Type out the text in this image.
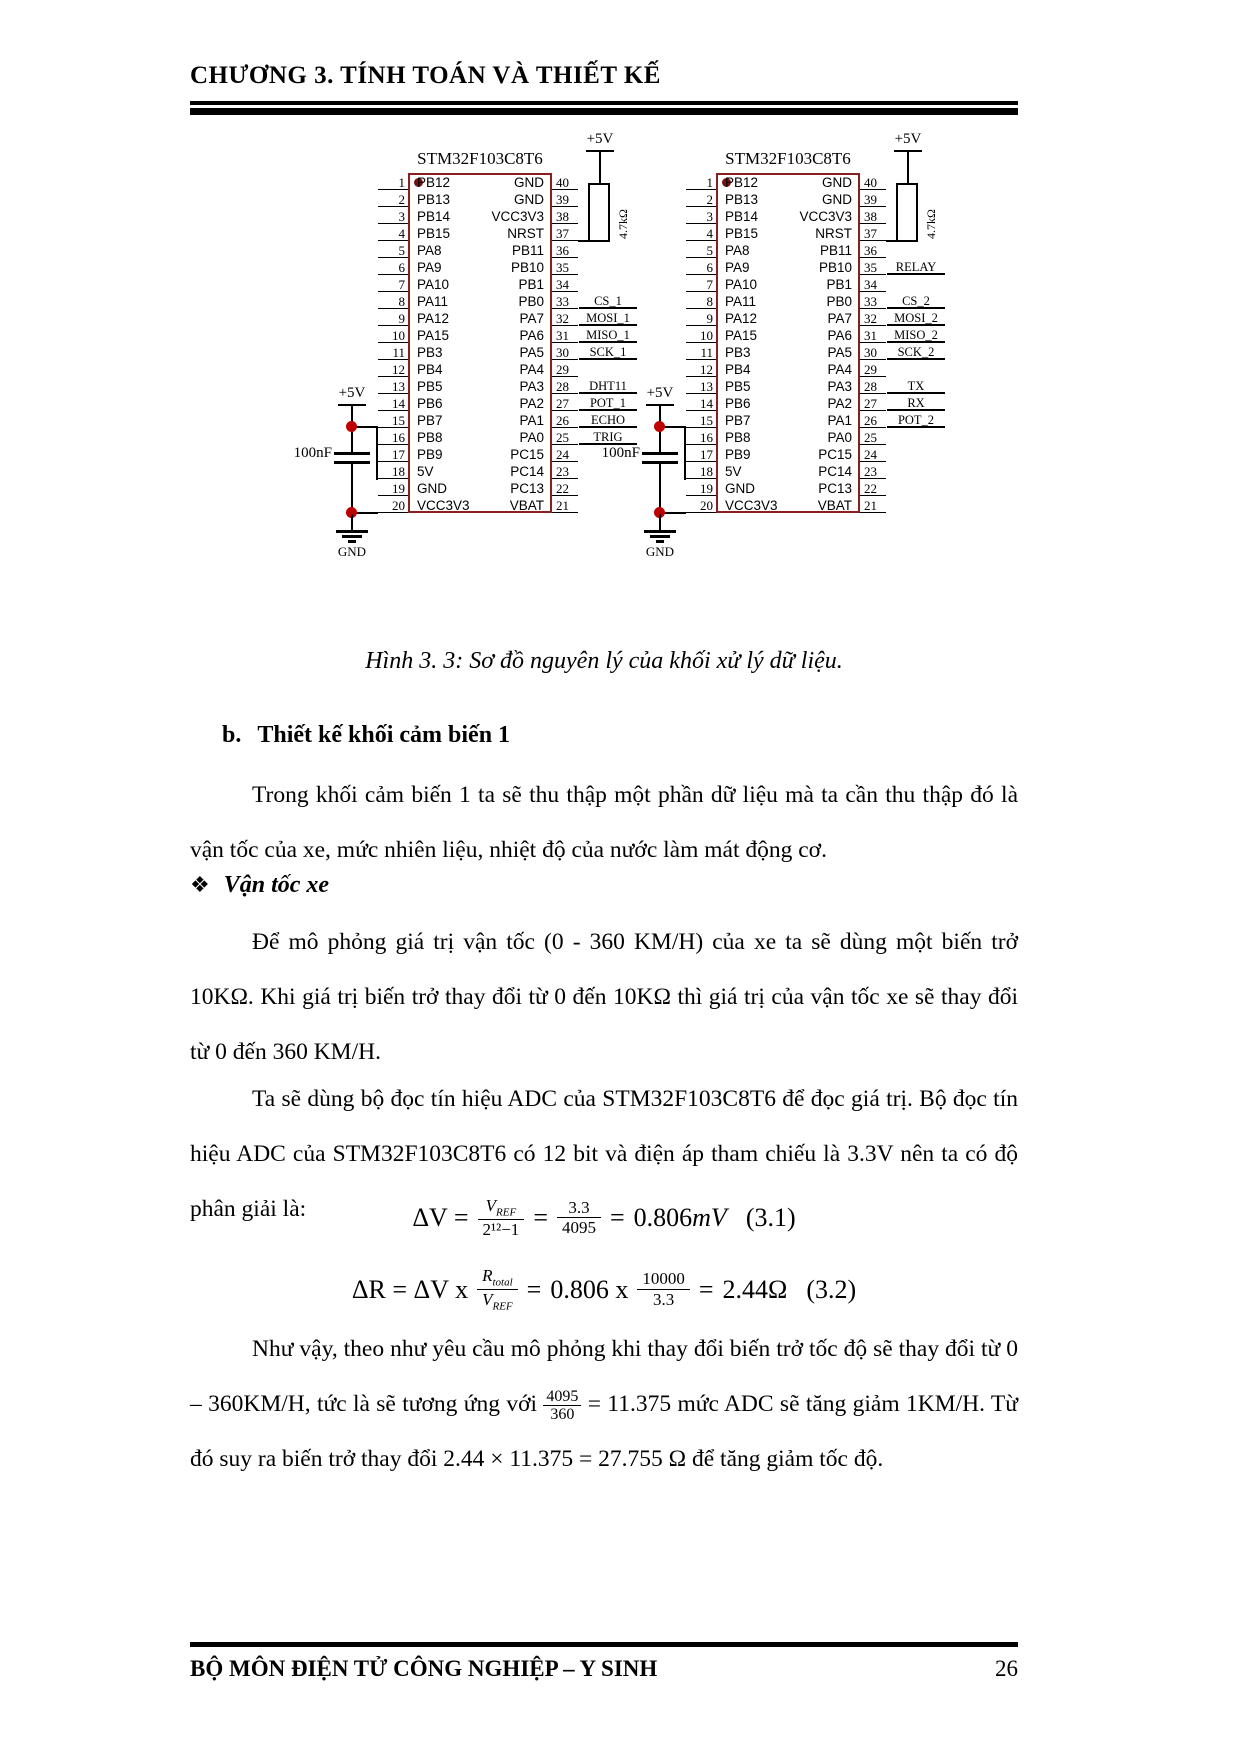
CHƯƠNG 3. TÍNH TOÁN VÀ THIẾT KẾ
STM32F103C8T6
1 PB12	GND 40
2 PB13	GND 39
3 PB14	VCC3V3 38
4 PB15	NRST 37
5 PA8	PB11 36
6 PA9	PB10 35
7 PA10	PB1 34
8 PA11	PB0 33	CS_1
9 PA12	PA7 32	MOSI_1
10 PA15	PA6 31	MISO_1
11 PB3	PA5 30	SCK_1
12 PB4	PA4 29
13 PB5	PA3 28	DHT11
14 PB6	PA2 27	POT_1
15 PB7	PA1 26	ECHO
16 PB8	PA0 25	TRIG
17 PB9	PC15 24
18 5V	PC14 23
19 GND	PC13 22
20 VCC3V3	VBAT 21
+5V
4.7kΩ
+5V
100nF
GND
STM32F103C8T6
1 PB12	GND 40
2 PB13	GND 39
3 PB14	VCC3V3 38
4 PB15	NRST 37
5 PA8	PB11 36
6 PA9	PB10 35	RELAY
7 PA10	PB1 34
8 PA11	PB0 33	CS_2
9 PA12	PA7 32	MOSI_2
10 PA15	PA6 31	MISO_2
11 PB3	PA5 30	SCK_2
12 PB4	PA4 29
13 PB5	PA3 28	TX
14 PB6	PA2 27	RX
15 PB7	PA1 26	POT_2
16 PB8	PA0 25
17 PB9	PC15 24
18 5V	PC14 23
19 GND	PC13 22
20 VCC3V3	VBAT 21
+5V
4.7kΩ
+5V
100nF
GND
Hình 3. 3: Sơ đồ nguyên lý của khối xử lý dữ liệu.
b. Thiết kế khối cảm biến 1
Trong khối cảm biến 1 ta sẽ thu thập một phần dữ liệu mà ta cần thu thập đó là vận tốc của xe, mức nhiên liệu, nhiệt độ của nước làm mát động cơ.
❖ Vận tốc xe
Để mô phỏng giá trị vận tốc (0 - 360 KM/H) của xe ta sẽ dùng một biến trở 10KΩ. Khi giá trị biến trở thay đổi từ 0 đến 10KΩ thì giá trị của vận tốc xe sẽ thay đổi từ 0 đến 360 KM/H.
Ta sẽ dùng bộ đọc tín hiệu ADC của STM32F103C8T6 để đọc giá trị. Bộ đọc tín hiệu ADC của STM32F103C8T6 có 12 bit và điện áp tham chiếu là 3.3V nên ta có độ phân giải là:	$\Delta V = \frac{V_{REF}}{\text{2¹²−1}} = \frac{3.3}{4095} = 0.806mV$ (3.1)
ΔR = ΔV x $\frac{R_{total}}{V_{REF}} = 0.806$ x $\frac{10000}{3.3} = 2.44\Omega$ (3.2)
Như vậy, theo như yêu cầu mô phỏng khi thay đổi biến trở tốc độ sẽ thay đổi từ 0 – 360KM/H, tức là sẽ tương ứng với $\frac{4095}{360} = 11.375$ mức ADC sẽ tăng giảm 1KM/H. Từ đó suy ra biến trở thay đổi 2.44 × 11.375 = 27.755 Ω để tăng giảm tốc độ.
BỘ MÔN ĐIỆN TỬ CÔNG NGHIỆP – Y SINH	26
